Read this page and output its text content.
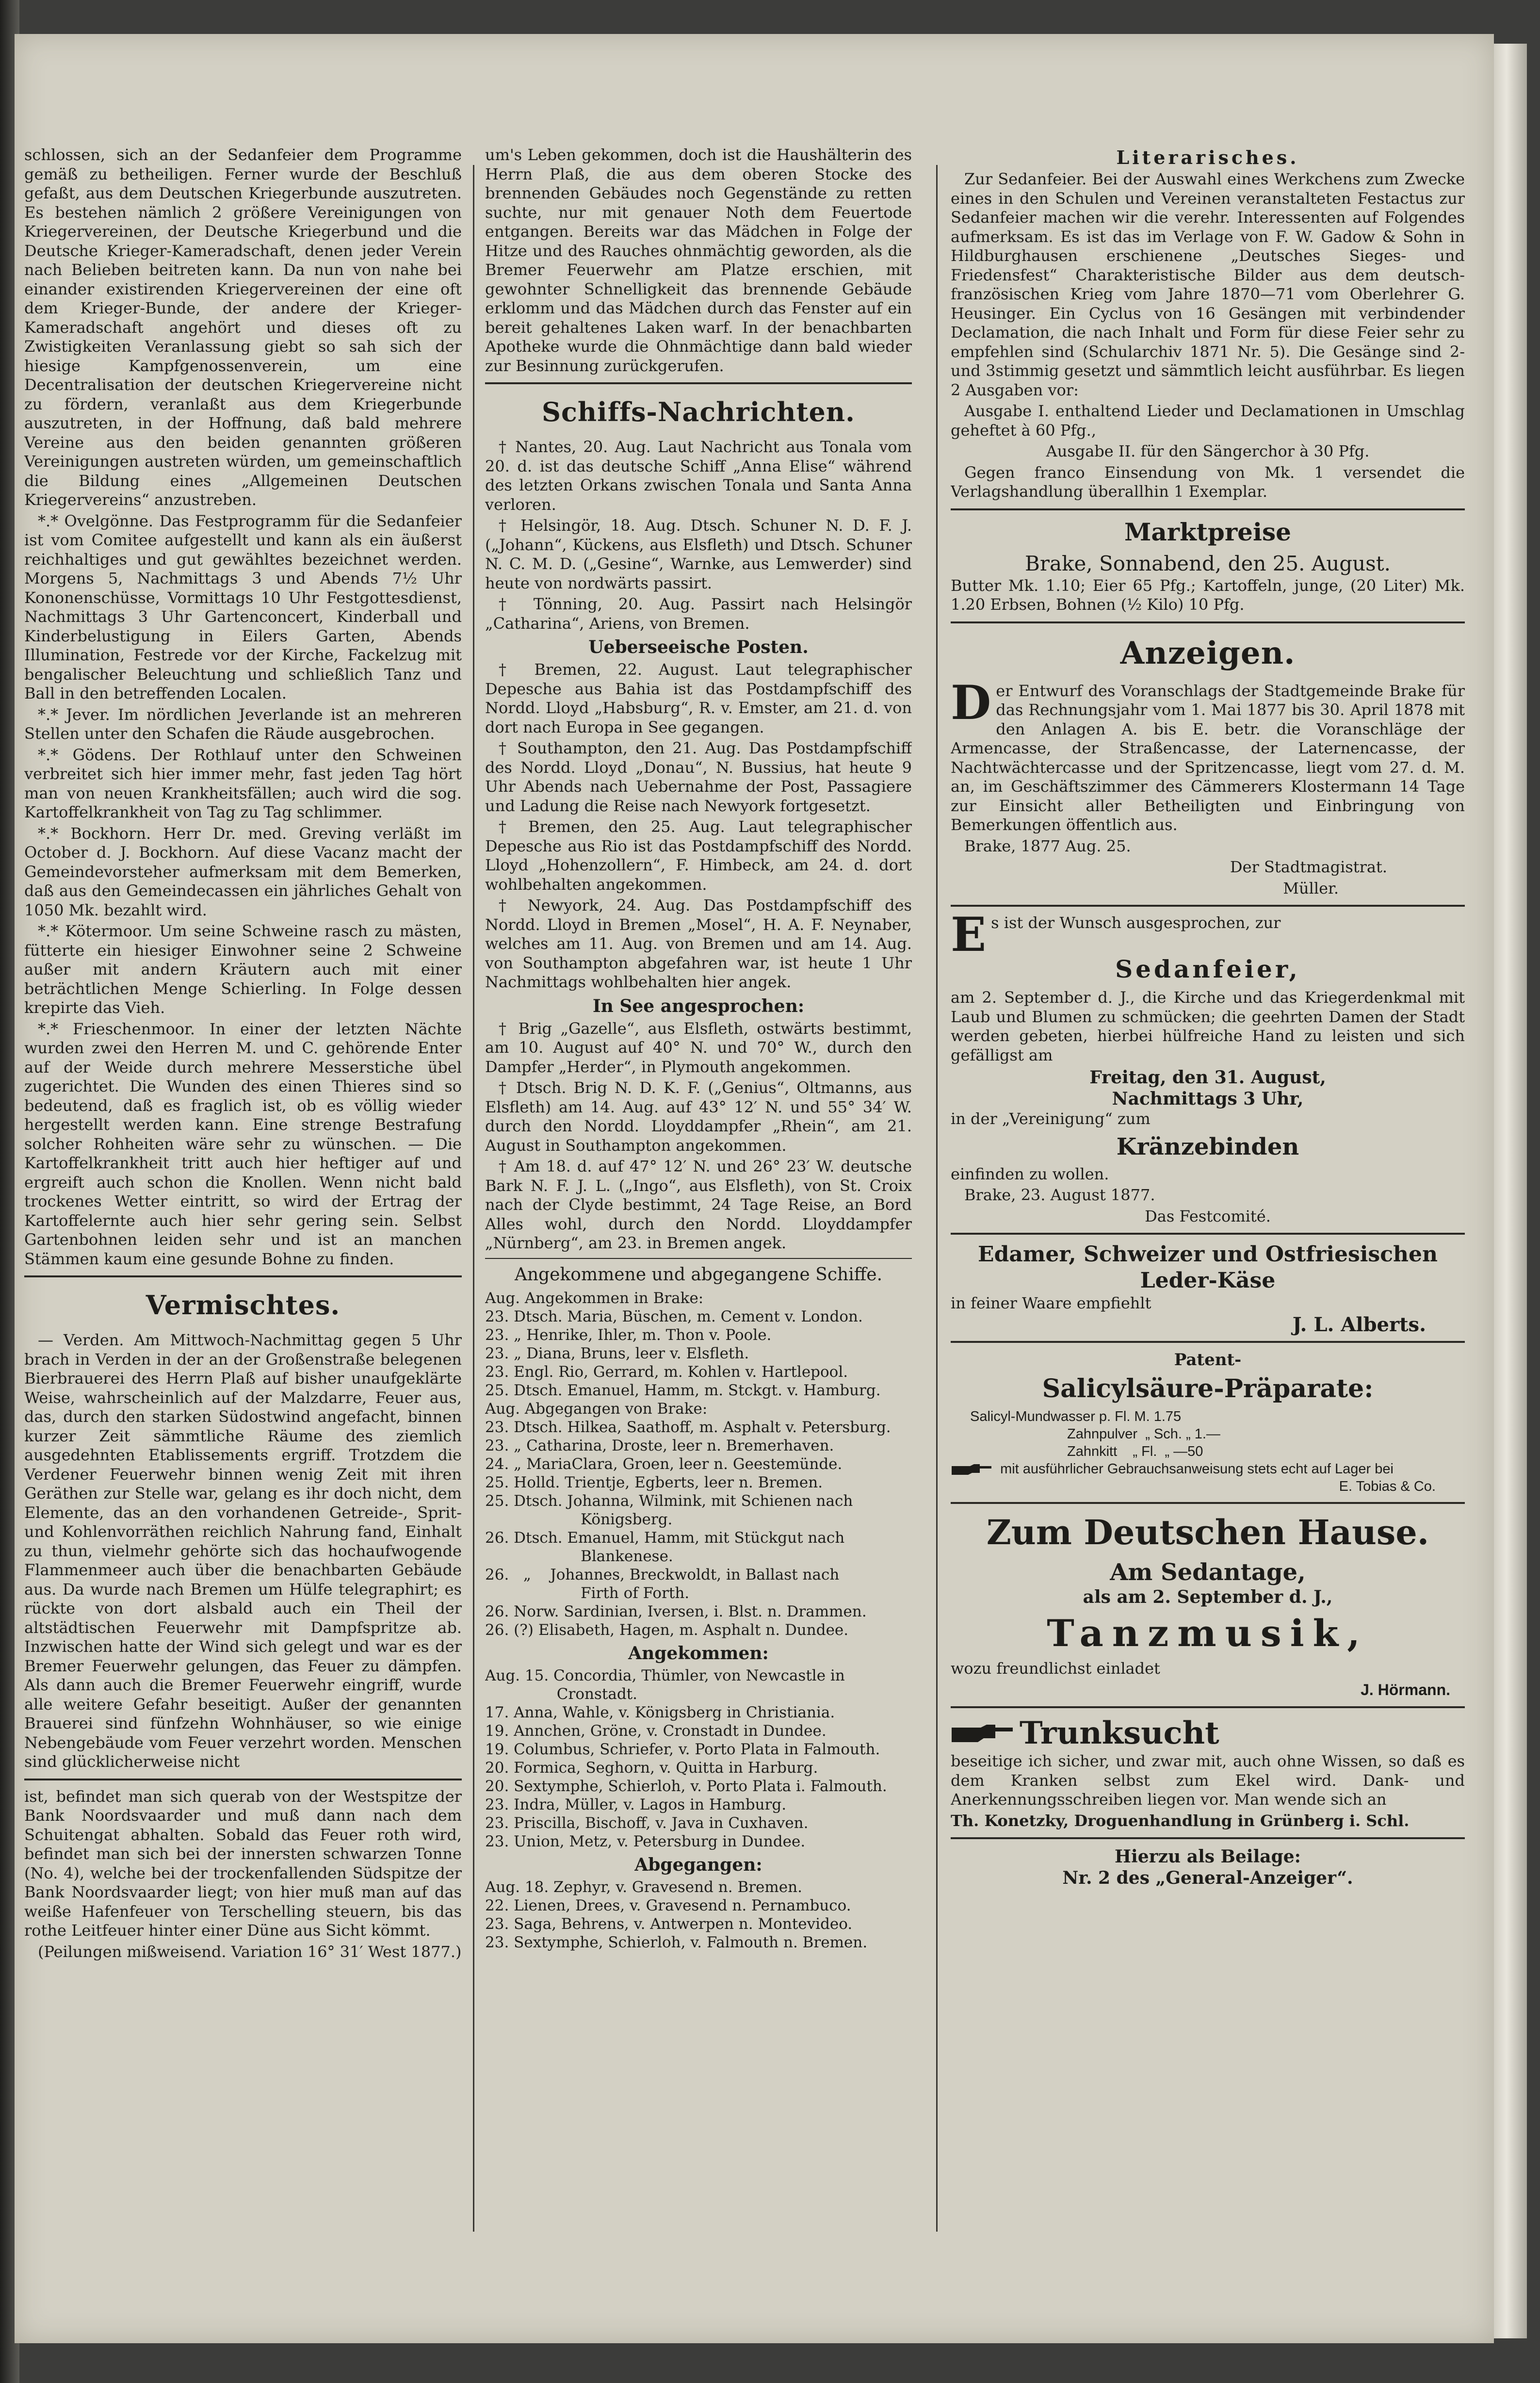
schlossen, sich an der Sedanfeier dem Programme gemäß zu betheiligen. Ferner wurde der Beschluß gefaßt, aus dem Deutschen Kriegerbunde auszutreten. Es bestehen nämlich 2 größere Vereinigungen von Kriegervereinen, der Deutsche Kriegerbund und die Deutsche Krieger-Kameradschaft, denen jeder Verein nach Belieben beitreten kann. Da nun von nahe bei einander existirenden Kriegervereinen der eine oft dem Krieger-Bunde, der andere der Krieger-Kameradschaft angehört und dieses oft zu Zwistigkeiten Veranlassung giebt so sah sich der hiesige Kampfgenossenverein, um eine Decentralisation der deutschen Kriegervereine nicht zu fördern, veranlaßt aus dem Kriegerbunde auszutreten, in der Hoffnung, daß bald mehrere Vereine aus den beiden genannten größeren Vereinigungen austreten würden, um gemeinschaftlich die Bildung eines „Allgemeinen Deutschen Kriegervereins“ anzustreben.

*.* Ovelgönne. Das Festprogramm für die Sedanfeier ist vom Comitee aufgestellt und kann als ein äußerst reichhaltiges und gut gewähltes bezeichnet werden. Morgens 5, Nachmittags 3 und Abends 7½ Uhr Kononenschüsse, Vormittags 10 Uhr Festgottesdienst, Nachmittags 3 Uhr Gartenconcert, Kinderball und Kinderbelustigung in Eilers Garten, Abends Illumination, Festrede vor der Kirche, Fackelzug mit bengalischer Beleuchtung und schließlich Tanz und Ball in den betreffenden Localen.

*.* Jever. Im nördlichen Jeverlande ist an mehreren Stellen unter den Schafen die Räude ausgebrochen.

*.* Gödens. Der Rothlauf unter den Schweinen verbreitet sich hier immer mehr, fast jeden Tag hört man von neuen Krankheitsfällen; auch wird die sog. Kartoffelkrankheit von Tag zu Tag schlimmer.

*.* Bockhorn. Herr Dr. med. Greving verläßt im October d. J. Bockhorn. Auf diese Vacanz macht der Gemeindevorsteher aufmerksam mit dem Bemerken, daß aus den Gemeindecassen ein jährliches Gehalt von 1050 Mk. bezahlt wird.

*.* Kötermoor. Um seine Schweine rasch zu mästen, fütterte ein hiesiger Einwohner seine 2 Schweine außer mit andern Kräutern auch mit einer beträchtlichen Menge Schierling. In Folge dessen krepirte das Vieh.

*.* Frieschenmoor. In einer der letzten Nächte wurden zwei den Herren M. und C. gehörende Enter auf der Weide durch mehrere Messerstiche übel zugerichtet. Die Wunden des einen Thieres sind so bedeutend, daß es fraglich ist, ob es völlig wieder hergestellt werden kann. Eine strenge Bestrafung solcher Rohheiten wäre sehr zu wünschen. — Die Kartoffelkrankheit tritt auch hier heftiger auf und ergreift auch schon die Knollen. Wenn nicht bald trockenes Wetter eintritt, so wird der Ertrag der Kartoffelernte auch hier sehr gering sein. Selbst Gartenbohnen leiden sehr und ist an manchen Stämmen kaum eine gesunde Bohne zu finden.

Vermischtes.

— Verden. Am Mittwoch-Nachmittag gegen 5 Uhr brach in Verden in der an der Großenstraße belegenen Bierbrauerei des Herrn Plaß auf bisher unaufgeklärte Weise, wahrscheinlich auf der Malzdarre, Feuer aus, das, durch den starken Südostwind angefacht, binnen kurzer Zeit sämmtliche Räume des ziemlich ausgedehnten Etablissements ergriff. Trotzdem die Verdener Feuerwehr binnen wenig Zeit mit ihren Geräthen zur Stelle war, gelang es ihr doch nicht, dem Elemente, das an den vorhandenen Getreide-, Sprit- und Kohlenvorräthen reichlich Nahrung fand, Einhalt zu thun, vielmehr gehörte sich das hochaufwogende Flammenmeer auch über die benachbarten Gebäude aus. Da wurde nach Bremen um Hülfe telegraphirt; es rückte von dort alsbald auch ein Theil der altstädtischen Feuerwehr mit Dampfspritze ab. Inzwischen hatte der Wind sich gelegt und war es der Bremer Feuerwehr gelungen, das Feuer zu dämpfen. Als dann auch die Bremer Feuerwehr eingriff, wurde alle weitere Gefahr beseitigt. Außer der genannten Brauerei sind fünfzehn Wohnhäuser, so wie einige Nebengebäude vom Feuer verzehrt worden. Menschen sind glücklicherweise nicht

ist, befindet man sich querab von der Westspitze der Bank Noordsvaarder und muß dann nach dem Schuitengat abhalten. Sobald das Feuer roth wird, befindet man sich bei der innersten schwarzen Tonne (No. 4), welche bei der trockenfallenden Südspitze der Bank Noordsvaarder liegt; von hier muß man auf das weiße Hafenfeuer von Terschelling steuern, bis das rothe Leitfeuer hinter einer Düne aus Sicht kömmt.

(Peilungen mißweisend. Variation 16° 31′ West 1877.)

um's Leben gekommen, doch ist die Haushälterin des Herrn Plaß, die aus dem oberen Stocke des brennenden Gebäudes noch Gegenstände zu retten suchte, nur mit genauer Noth dem Feuertode entgangen. Bereits war das Mädchen in Folge der Hitze und des Rauches ohnmächtig geworden, als die Bremer Feuerwehr am Platze erschien, mit gewohnter Schnelligkeit das brennende Gebäude erklomm und das Mädchen durch das Fenster auf ein bereit gehaltenes Laken warf. In der benachbarten Apotheke wurde die Ohnmächtige dann bald wieder zur Besinnung zurückgerufen.

Schiffs-Nachrichten.

† Nantes, 20. Aug. Laut Nachricht aus Tonala vom 20. d. ist das deutsche Schiff „Anna Elise“ während des letzten Orkans zwischen Tonala und Santa Anna verloren.

† Helsingör, 18. Aug. Dtsch. Schuner N. D. F. J. („Johann“, Kückens, aus Elsfleth) und Dtsch. Schuner N. C. M. D. („Gesine“, Warnke, aus Lemwerder) sind heute von nordwärts passirt.

† Tönning, 20. Aug. Passirt nach Helsingör „Catharina“, Ariens, von Bremen.

Ueberseeische Posten.

† Bremen, 22. August. Laut telegraphischer Depesche aus Bahia ist das Postdampfschiff des Nordd. Lloyd „Habsburg“, R. v. Emster, am 21. d. von dort nach Europa in See gegangen.

† Southampton, den 21. Aug. Das Postdampfschiff des Nordd. Lloyd „Donau“, N. Bussius, hat heute 9 Uhr Abends nach Uebernahme der Post, Passagiere und Ladung die Reise nach Newyork fortgesetzt.

† Bremen, den 25. Aug. Laut telegraphischer Depesche aus Rio ist das Postdampfschiff des Nordd. Lloyd „Hohenzollern“, F. Himbeck, am 24. d. dort wohlbehalten angekommen.

† Newyork, 24. Aug. Das Postdampfschiff des Nordd. Lloyd in Bremen „Mosel“, H. A. F. Neynaber, welches am 11. Aug. von Bremen und am 14. Aug. von Southampton abgefahren war, ist heute 1 Uhr Nachmittags wohlbehalten hier angek.

In See angesprochen:

† Brig „Gazelle“, aus Elsfleth, ostwärts bestimmt, am 10. August auf 40° N. und 70° W., durch den Dampfer „Herder“, in Plymouth angekommen.

† Dtsch. Brig N. D. K. F. („Genius“, Oltmanns, aus Elsfleth) am 14. Aug. auf 43° 12′ N. und 55° 34′ W. durch den Nordd. Lloyddampfer „Rhein“, am 21. August in Southampton angekommen.

† Am 18. d. auf 47° 12′ N. und 26° 23′ W. deutsche Bark N. F. J. L. („Ingo“, aus Elsfleth), von St. Croix nach der Clyde bestimmt, 24 Tage Reise, an Bord Alles wohl, durch den Nordd. Lloyddampfer „Nürnberg“, am 23. in Bremen angek.

Angekommene und abgegangene Schiffe.
Aug. Angekommen in Brake:
23. Dtsch. Maria, Büschen, m. Cement v. London.
23. „ Henrike, Ihler, m. Thon v. Poole.
23. „ Diana, Bruns, leer v. Elsfleth.
23. Engl. Rio, Gerrard, m. Kohlen v. Hartlepool.
25. Dtsch. Emanuel, Hamm, m. Stckgt. v. Hamburg.
Aug. Abgegangen von Brake:
23. Dtsch. Hilkea, Saathoff, m. Asphalt v. Petersburg.
23. „ Catharina, Droste, leer n. Bremerhaven.
24. „ MariaClara, Groen, leer n. Geestemünde.
25. Holld. Trientje, Egberts, leer n. Bremen.
25. Dtsch. Johanna, Wilmink, mit Schienen nach
Königsberg.
26. Dtsch. Emanuel, Hamm, mit Stückgut nach
Blankenese.
26.   „    Johannes, Breckwoldt, in Ballast nach
Firth of Forth.
26. Norw. Sardinian, Iversen, i. Blst. n. Drammen.
26. (?) Elisabeth, Hagen, m. Asphalt n. Dundee.
Angekommen:
Aug. 15. Concordia, Thümler, von Newcastle in
Cronstadt.
17. Anna, Wahle, v. Königsberg in Christiania.
19. Annchen, Gröne, v. Cronstadt in Dundee.
19. Columbus, Schriefer, v. Porto Plata in Falmouth.
20. Formica, Seghorn, v. Quitta in Harburg.
20. Sextymphe, Schierloh, v. Porto Plata i. Falmouth.
23. Indra, Müller, v. Lagos in Hamburg.
23. Priscilla, Bischoff, v. Java in Cuxhaven.
23. Union, Metz, v. Petersburg in Dundee.
Abgegangen:
Aug. 18. Zephyr, v. Gravesend n. Bremen.
22. Lienen, Drees, v. Gravesend n. Pernambuco.
23. Saga, Behrens, v. Antwerpen n. Montevideo.
23. Sextymphe, Schierloh, v. Falmouth n. Bremen.
Literarisches.

Zur Sedanfeier. Bei der Auswahl eines Werkchens zum Zwecke eines in den Schulen und Vereinen veranstalteten Festactus zur Sedanfeier machen wir die verehr. Interessenten auf Folgendes aufmerksam. Es ist das im Verlage von F. W. Gadow & Sohn in Hildburghausen erschienene „Deutsches Sieges- und Friedensfest“ Charakteristische Bilder aus dem deutsch-französischen Krieg vom Jahre 1870—71 vom Oberlehrer G. Heusinger. Ein Cyclus von 16 Gesängen mit verbindender Declamation, die nach Inhalt und Form für diese Feier sehr zu empfehlen sind (Schularchiv 1871 Nr. 5). Die Gesänge sind 2- und 3stimmig gesetzt und sämmtlich leicht ausführbar. Es liegen 2 Ausgaben vor:

Ausgabe I. enthaltend Lieder und Declamationen in Umschlag geheftet à 60 Pfg.,

Ausgabe II. für den Sängerchor à 30 Pfg.

Gegen franco Einsendung von Mk. 1 versendet die Verlagshandlung überallhin 1 Exemplar.

Marktpreise
Brake, Sonnabend, den 25. August.

Butter Mk. 1.10; Eier 65 Pfg.; Kartoffeln, junge, (20 Liter) Mk. 1.20 Erbsen, Bohnen (½ Kilo) 10 Pfg.

Anzeigen.
D er Entwurf des Voranschlags der Stadtgemeinde Brake für das Rechnungsjahr vom 1. Mai 1877 bis 30. April 1878 mit den Anlagen A. bis E. betr. die Voranschläge der Armencasse, der Straßencasse, der Laternencasse, der Nachtwächtercasse und der Spritzencasse, liegt vom 27. d. M. an, im Geschäftszimmer des Cämmerers Klostermann 14 Tage zur Einsicht aller Betheiligten und Einbringung von Bemerkungen öffentlich aus.

Brake, 1877 Aug. 25.

Der Stadtmagistrat.

Müller.

E s ist der Wunsch ausgesprochen, zur

Sedanfeier,

am 2. September d. J., die Kirche und das Kriegerdenkmal mit Laub und Blumen zu schmücken; die geehrten Damen der Stadt werden gebeten, hierbei hülfreiche Hand zu leisten und sich gefälligst am

Freitag, den 31. August,
Nachmittags 3 Uhr,

in der „Vereinigung“ zum

Kränzebinden

einfinden zu wollen.

Brake, 23. August 1877.

Das Festcomité.

Edamer, Schweizer und Ostfriesischen Leder-Käse

in feiner Waare empfiehlt

J. L. Alberts.

Patent-
Salicylsäure-Präparate:
Salicyl-Mundwasser p. Fl. M. 1.75
Zahnpulver  „ Sch. „ 1.—
Zahnkitt    „ Fl.  „ —50
mit ausführlicher Gebrauchsanweisung stets echt auf Lager bei

E. Tobias & Co.

Zum Deutschen Hause.
Am Sedantage,
als am 2. September d. J.,
Tanzmusik,

wozu freundlichst einladet

J. Hörmann.

Trunksucht

beseitige ich sicher, und zwar mit, auch ohne Wissen, so daß es dem Kranken selbst zum Ekel wird. Dank- und Anerkennungsschreiben liegen vor. Man wende sich an

Th. Konetzky, Droguenhandlung in Grünberg i. Schl.

Hierzu als Beilage:
Nr. 2 des „General-Anzeiger“.
